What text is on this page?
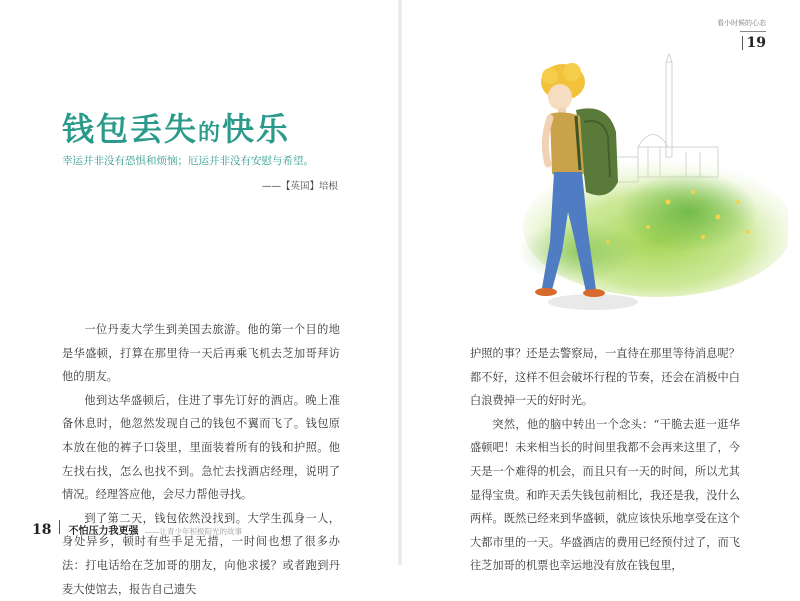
钱包丢失的快乐
幸运并非没有恐惧和烦恼；厄运并非没有安慰与希望。
——【英国】培根

一位丹麦大学生到美国去旅游。他的第一个目的地是华盛顿，打算在那里待一天后再乘飞机去芝加哥拜访他的朋友。

他到达华盛顿后，住进了事先订好的酒店。晚上准备休息时，他忽然发现自己的钱包不翼而飞了。钱包原本放在他的裤子口袋里，里面装着所有的钱和护照。他左找右找，怎么也找不到。急忙去找酒店经理，说明了情况。经理答应他，会尽力帮他寻找。

到了第二天，钱包依然没找到。大学生孤身一人，身处异乡，顿时有些手足无措，一时间也想了很多办法：打电话给在芝加哥的朋友，向他求援？或者跑到丹麦大使馆去，报告自己遗失

18 不怕压力我更强 ——让青少年积极阳光的故事
看小时候的心态
19

护照的事？还是去警察局，一直待在那里等待消息呢？都不好，这样不但会破坏行程的节奏，还会在消极中白白浪费掉一天的好时光。

突然，他的脑中转出一个念头：“干脆去逛一逛华盛顿吧！未来相当长的时间里我都不会再来这里了，今天是一个难得的机会，而且只有一天的时间，所以尤其显得宝贵。和昨天丢失钱包前相比，我还是我，没什么两样。既然已经来到华盛顿，就应该快乐地享受在这个大都市里的一天。华盛酒店的费用已经预付过了，而飞往芝加哥的机票也幸运地没有放在钱包里，
